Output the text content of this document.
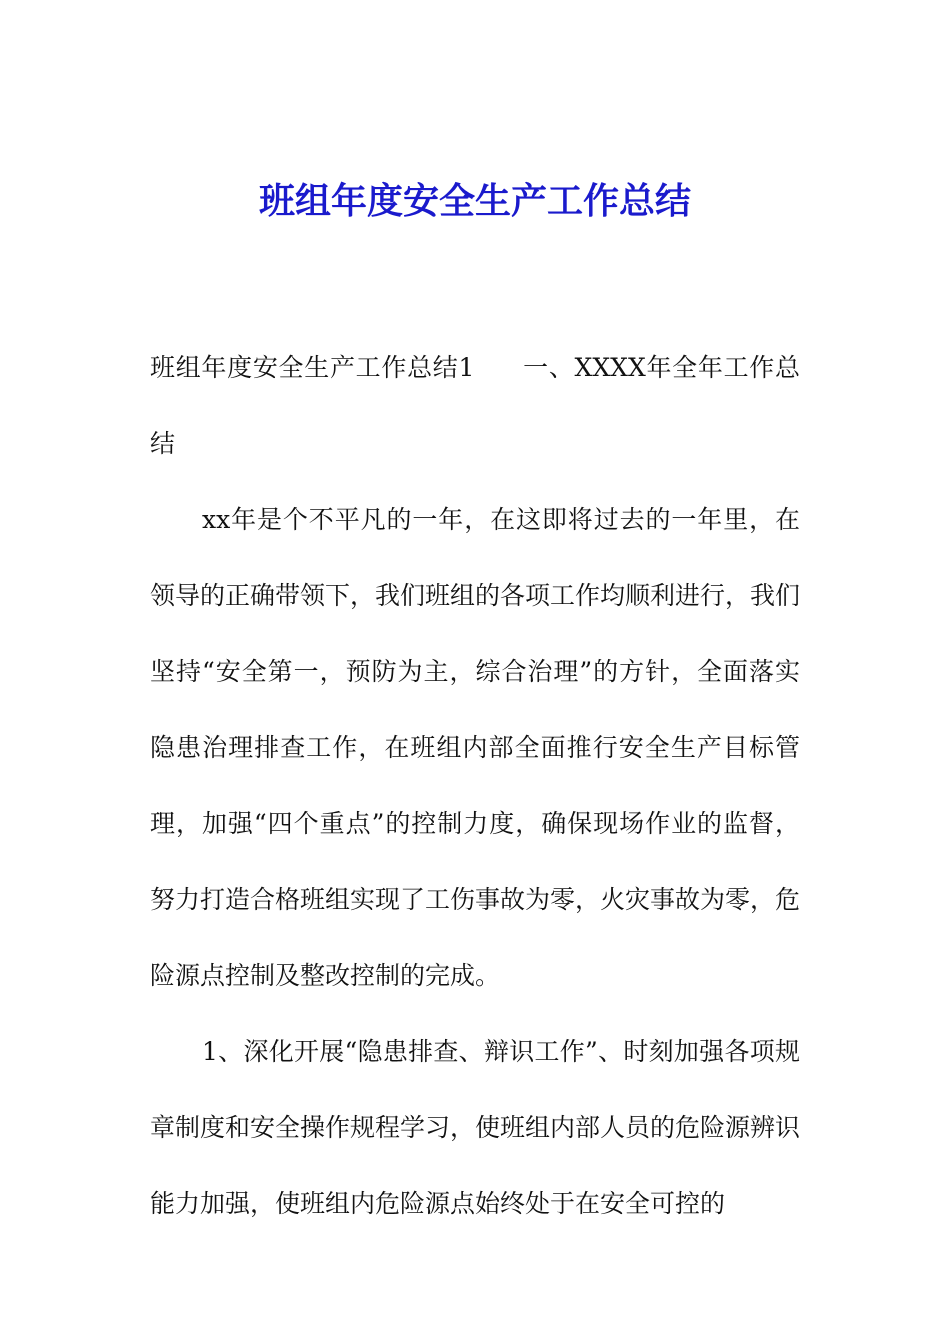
班组年度安全生产工作总结

班组年度安全生产工作总结1 一、XXXX年全年工作总结

xx年是个不平凡的一年，在这即将过去的一年里，在领导的正确带领下，我们班组的各项工作均顺利进行，我们坚持“安全第一，预防为主，综合治理”的方针，全面落实隐患治理排查工作，在班组内部全面推行安全生产目标管理，加强“四个重点”的控制力度，确保现场作业的监督，努力打造合格班组实现了工伤事故为零，火灾事故为零，危险源点控制及整改控制的完成。

1、深化开展“隐患排查、辩识工作”、时刻加强各项规章制度和安全操作规程学习，使班组内部人员的危险源辨识能力加强，使班组内危险源点始终处于在安全可控的
